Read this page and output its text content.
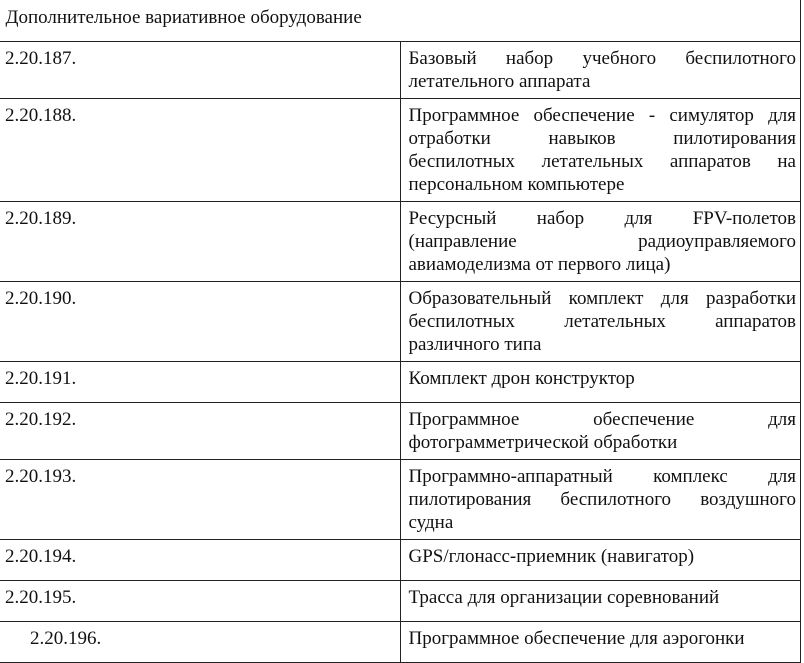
Дополнительное вариативное оборудование	
2.20.187.	Базовый набор учебного беспилотного летательного аппарата
2.20.188.	Программное обеспечение - симулятор для отработки навыков пилотирования беспилотных летательных аппаратов на персональном компьютере
2.20.189.	Ресурсный набор для FPV-полетов (направление радиоуправляемого авиамоделизма от первого лица)
2.20.190.	Образовательный комплект для разработки беспилотных летательных аппаратов различного типа
2.20.191.	Комплект дрон конструктор
2.20.192.	Программное обеспечение для фотограмметрической обработки
2.20.193.	Программно-аппаратный комплекс для пилотирования беспилотного воздушного судна
2.20.194.	GPS/глонасс-приемник (навигатор)
2.20.195.	Трасса для организации соревнований
2.20.196.	Программное обеспечение для аэрогонки
